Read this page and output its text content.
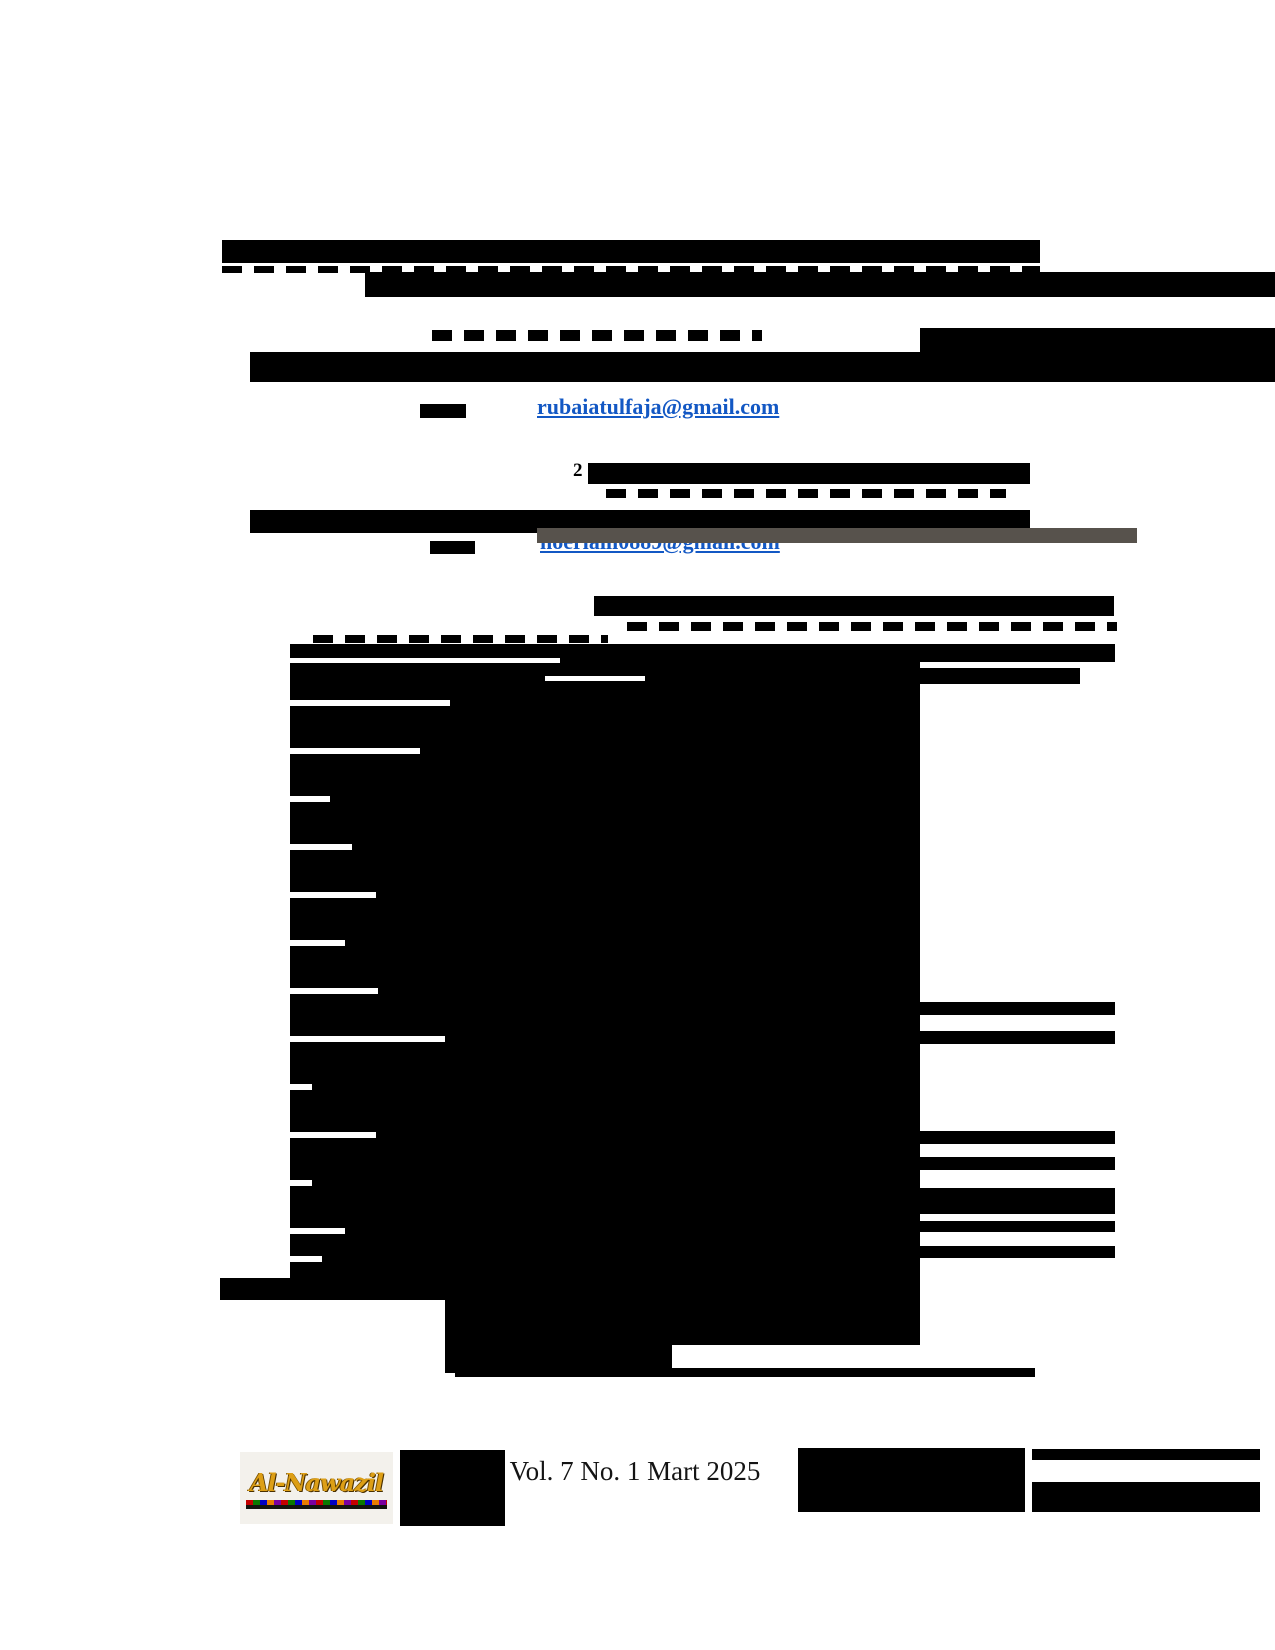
2
rubaiatulfaja@gmail.com
Al-Nawazil	Vol. 7 No. 1 Mart 2025
